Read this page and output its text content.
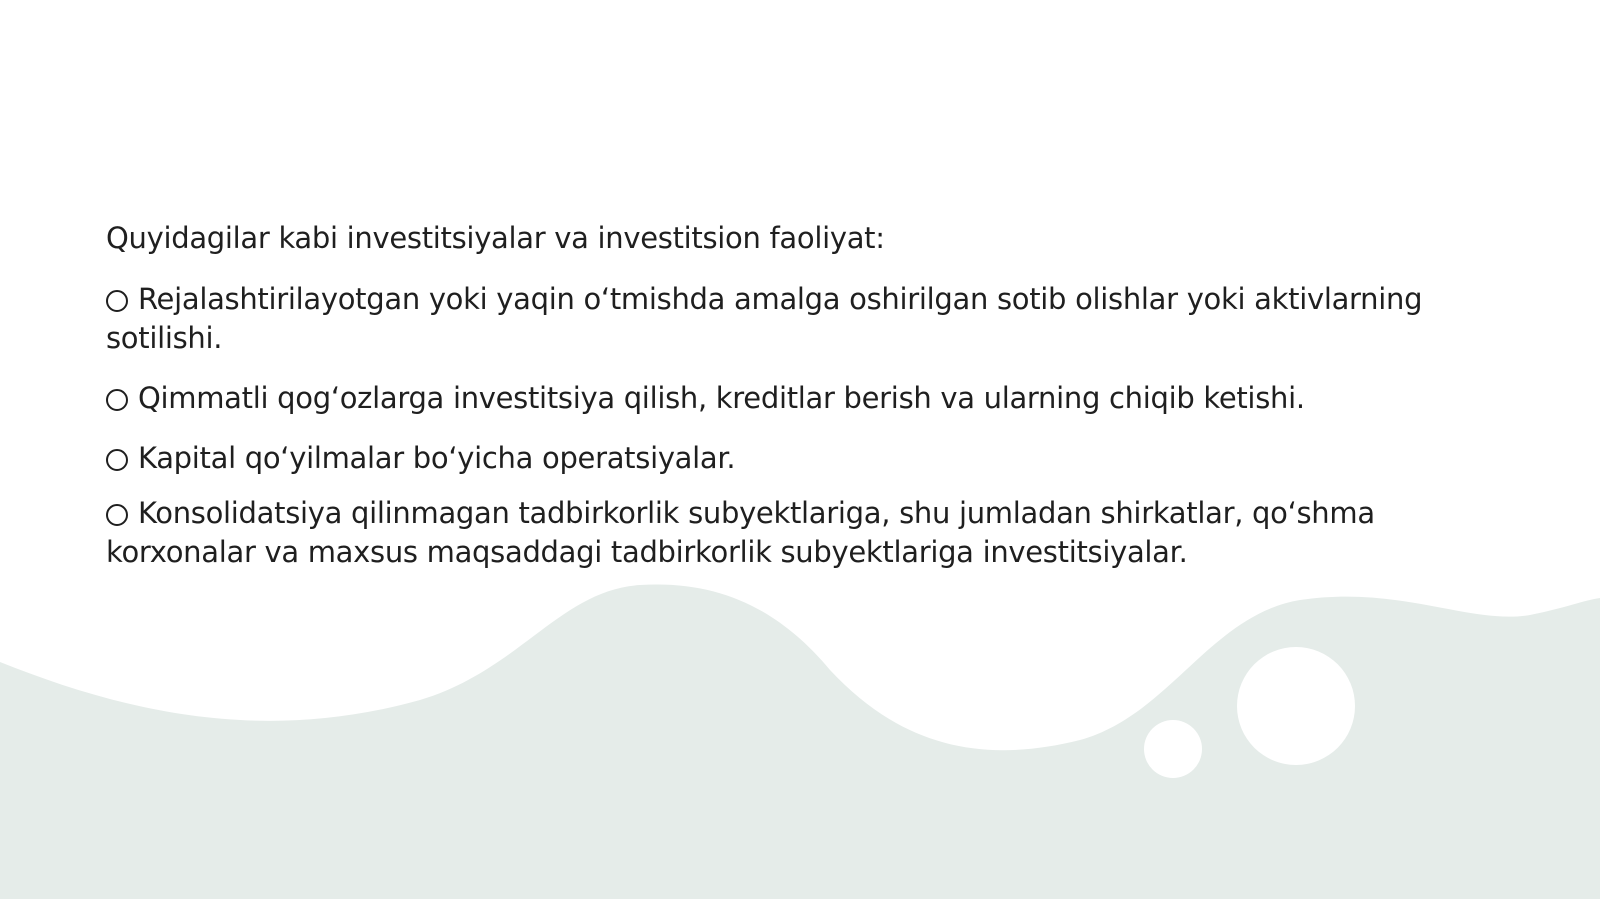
Quyidagilar kabi investitsiyalar va investitsion faoliyat:

Rejalashtirilayotgan yoki yaqin o‘tmishda amalga oshirilgan sotib olishlar yoki aktivlarning sotilishi.

Qimmatli qog‘ozlarga investitsiya qilish, kreditlar berish va ularning chiqib ketishi.

Kapital qo‘yilmalar bo‘yicha operatsiyalar.

Konsolidatsiya qilinmagan tadbirkorlik subyektlariga, shu jumladan shirkatlar, qo‘shma korxonalar va maxsus maqsaddagi tadbirkorlik subyektlariga investitsiyalar.
